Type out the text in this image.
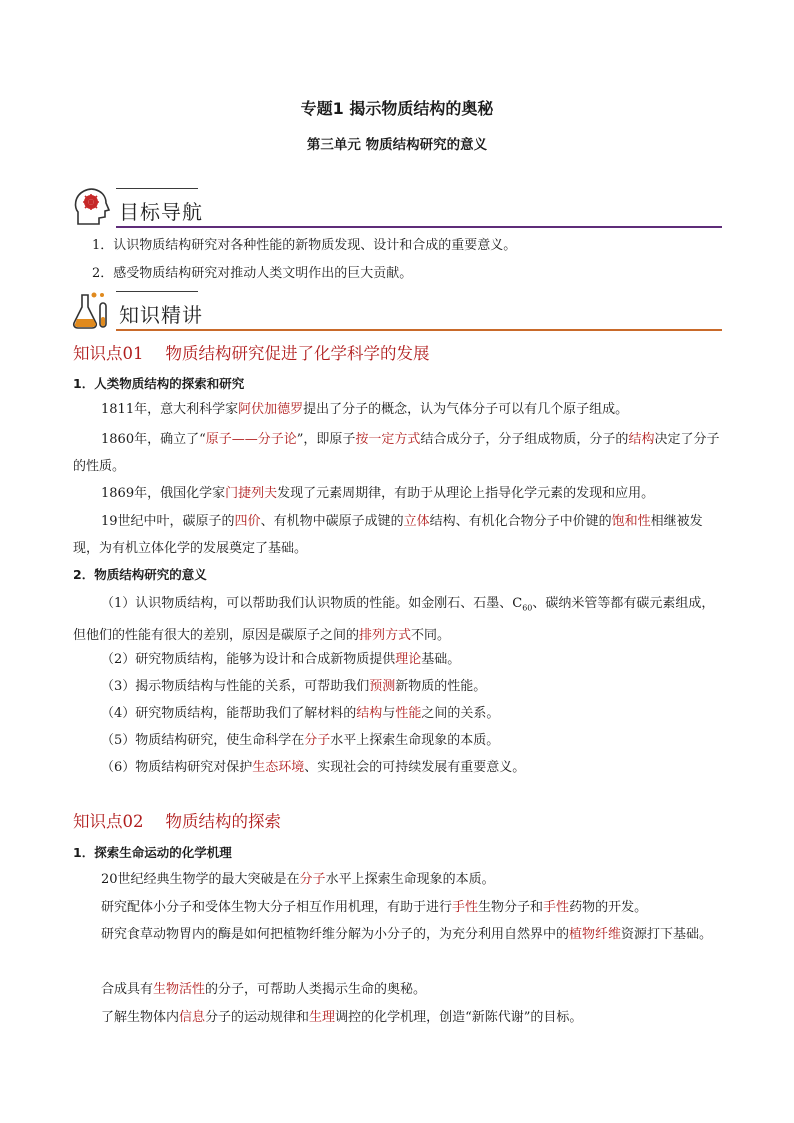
专题1 揭示物质结构的奥秘
第三单元 物质结构研究的意义
目标导航
1．认识物质结构研究对各种性能的新物质发现、设计和合成的重要意义。
2．感受物质结构研究对推动人类文明作出的巨大贡献。
知识精讲
知识点01 物质结构研究促进了化学科学的发展
1．人类物质结构的探索和研究
1811年，意大利科学家阿伏加德罗提出了分子的概念，认为气体分子可以有几个原子组成。
1860年，确立了“原子——分子论”，即原子按一定方式结合成分子，分子组成物质，分子的结构决定了分子的性质。
1869年，俄国化学家门捷列夫发现了元素周期律，有助于从理论上指导化学元素的发现和应用。
19世纪中叶，碳原子的四价、有机物中碳原子成键的立体结构、有机化合物分子中价键的饱和性相继被发现，为有机立体化学的发展奠定了基础。
2．物质结构研究的意义
（1）认识物质结构，可以帮助我们认识物质的性能。如金刚石、石墨、$C_{60}$、碳纳米管等都有碳元素组成，但他们的性能有很大的差别，原因是碳原子之间的排列方式不同。
（2）研究物质结构，能够为设计和合成新物质提供理论基础。
（3）揭示物质结构与性能的关系，可帮助我们预测新物质的性能。
（4）研究物质结构，能帮助我们了解材料的结构与性能之间的关系。
（5）物质结构研究，使生命科学在分子水平上探索生命现象的本质。
（6）物质结构研究对保护生态环境、实现社会的可持续发展有重要意义。
知识点02 物质结构的探索
1．探索生命运动的化学机理
20世纪经典生物学的最大突破是在分子水平上探索生命现象的本质。
研究配体小分子和受体生物大分子相互作用机理，有助于进行手性生物分子和手性药物的开发。
研究食草动物胃内的酶是如何把植物纤维分解为小分子的，为充分利用自然界中的植物纤维资源打下基础。
合成具有生物活性的分子，可帮助人类揭示生命的奥秘。
了解生物体内信息分子的运动规律和生理调控的化学机理，创造“新陈代谢”的目标。
